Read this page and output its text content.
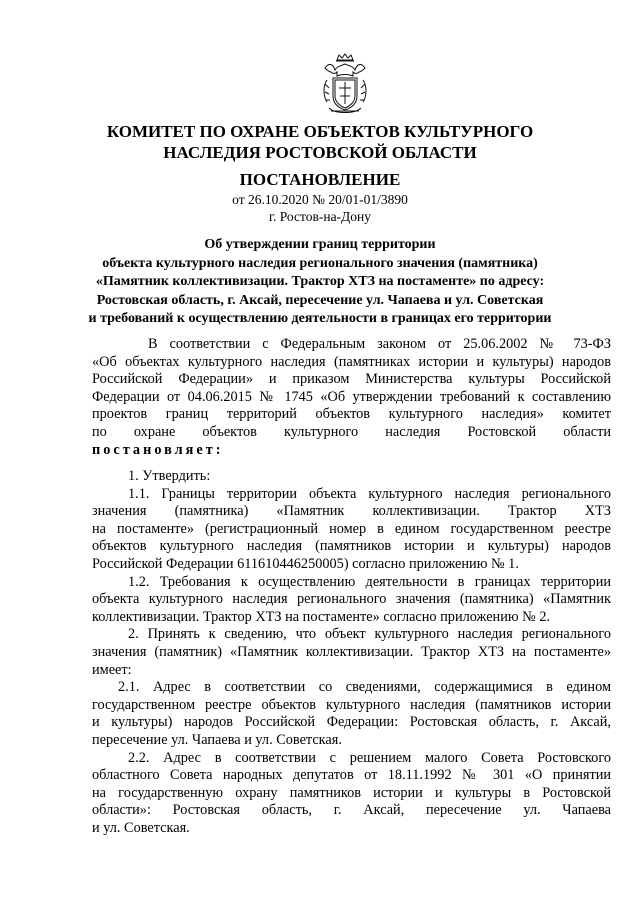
КОМИТЕТ ПО ОХРАНЕ ОБЪЕКТОВ КУЛЬТУРНОГО
НАСЛЕДИЯ РОСТОВСКОЙ ОБЛАСТИ
ПОСТАНОВЛЕНИЕ
от 26.10.2020 № 20/01-01/3890
г. Ростов-на-Дону
Об утверждении границ территории
объекта культурного наследия регионального значения (памятника)
«Памятник коллективизации. Трактор ХТЗ на постаменте» по адресу:
Ростовская область, г. Аксай, пересечение ул. Чапаева и ул. Советская
и требований к осуществлению деятельности в границах его территории
В соответствии с Федеральным законом от 25.06.2002 № 73-ФЗ
«Об объектах культурного наследия (памятниках истории и культуры) народов
Российской Федерации» и приказом Министерства культуры Российской
Федерации от 04.06.2015 № 1745 «Об утверждении требований к составлению
проектов границ территорий объектов культурного наследия» комитет
по охране объектов культурного наследия Ростовской области
постановляет:
1. Утвердить:
1.1. Границы территории объекта культурного наследия регионального
значения (памятника) «Памятник коллективизации. Трактор ХТЗ
на постаменте» (регистрационный номер в едином государственном реестре
объектов культурного наследия (памятников истории и культуры) народов
Российской Федерации 611610446250005) согласно приложению № 1.
1.2. Требования к осуществлению деятельности в границах территории
объекта культурного наследия регионального значения (памятника) «Памятник
коллективизации. Трактор ХТЗ на постаменте» согласно приложению № 2.
2. Принять к сведению, что объект культурного наследия регионального
значения (памятник) «Памятник коллективизации. Трактор ХТЗ на постаменте»
имеет:
2.1. Адрес в соответствии со сведениями, содержащимися в едином
государственном реестре объектов культурного наследия (памятников истории
и культуры) народов Российской Федерации: Ростовская область, г. Аксай,
пересечение ул. Чапаева и ул. Советская.
2.2. Адрес в соответствии с решением малого Совета Ростовского
областного Совета народных депутатов от 18.11.1992 № 301 «О принятии
на государственную охрану памятников истории и культуры в Ростовской
области»: Ростовская область, г. Аксай, пересечение ул. Чапаева
и ул. Советская.
